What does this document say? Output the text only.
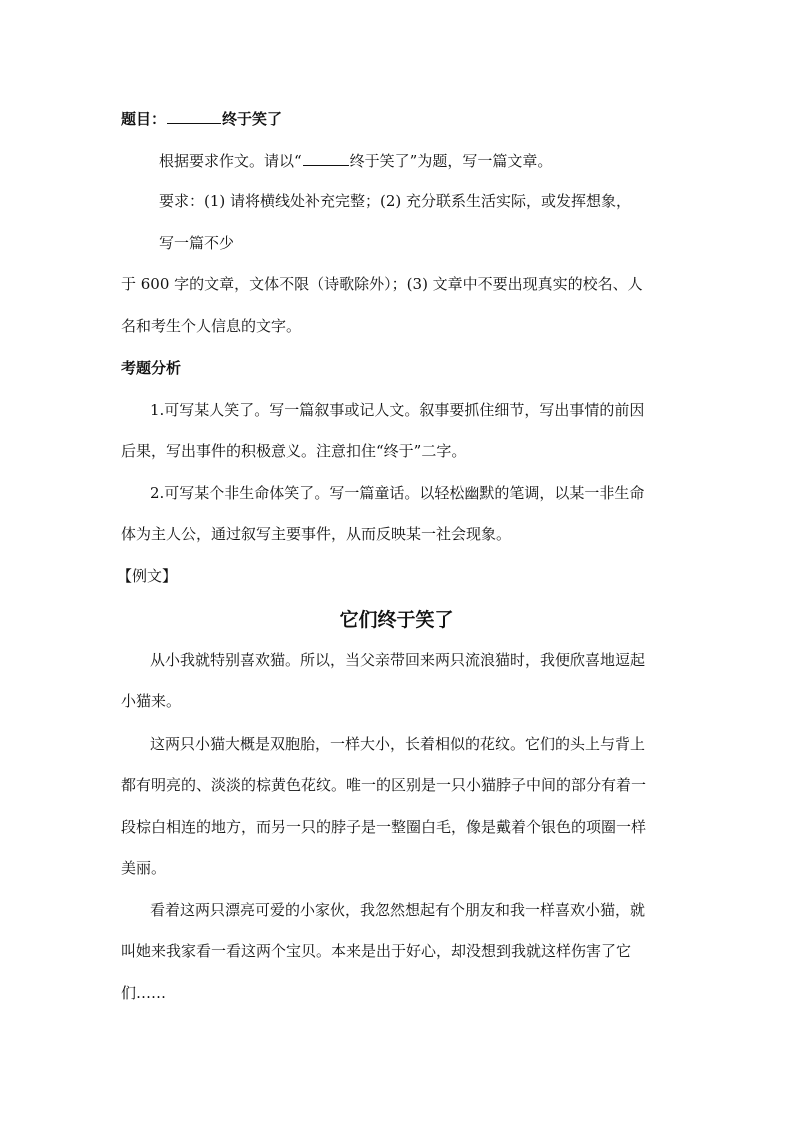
题目：	终于笑了
根据要求作文。请以“	终于笑了”为题，写一篇文章。
要求：(1) 请将横线处补充完整；(2) 充分联系生活实际，或发挥想象，
写一篇不少
于 600 字的文章，文体不限（诗歌除外）；(3) 文章中不要出现真实的校名、人
名和考生个人信息的文字。
考题分析
1.可写某人笑了。写一篇叙事或记人文。叙事要抓住细节，写出事情的前因
后果，写出事件的积极意义。注意扣住“终于”二字。
2.可写某个非生命体笑了。写一篇童话。以轻松幽默的笔调，以某一非生命
体为主人公，通过叙写主要事件，从而反映某一社会现象。
【例文】
它们终于笑了
从小我就特别喜欢猫。所以，当父亲带回来两只流浪猫时，我便欣喜地逗起
小猫来。
这两只小猫大概是双胞胎，一样大小，长着相似的花纹。它们的头上与背上
都有明亮的、淡淡的棕黄色花纹。唯一的区别是一只小猫脖子中间的部分有着一
段棕白相连的地方，而另一只的脖子是一整圈白毛，像是戴着个银色的项圈一样
美丽。
看着这两只漂亮可爱的小家伙，我忽然想起有个朋友和我一样喜欢小猫，就
叫她来我家看一看这两个宝贝。本来是出于好心，却没想到我就这样伤害了它
们……
